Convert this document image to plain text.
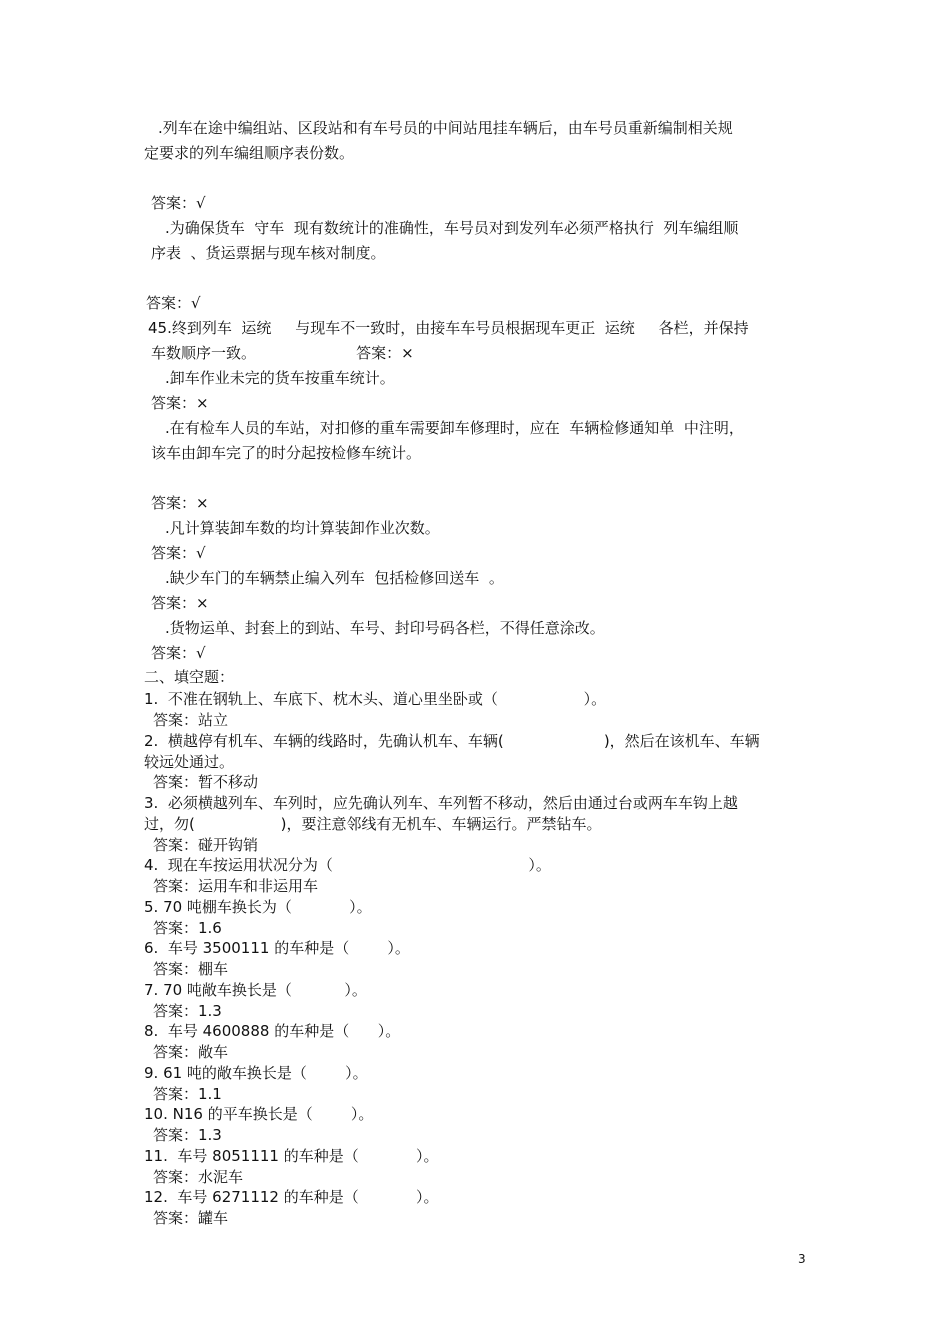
.列车在途中编组站、区段站和有车号员的中间站甩挂车辆后，由车号员重新编制相关规
定要求的列车编组顺序表份数。
答案：√
.为确保货车  守车  现有数统计的准确性，车号员对到发列车必须严格执行  列车编组顺
序表  、货运票据与现车核对制度。
答案：√
45.终到列车  运统     与现车不一致时，由接车车号员根据现车更正  运统     各栏，并保持
车数顺序一致。                     答案：×
.卸车作业未完的货车按重车统计。
答案：×
.在有检车人员的车站，对扣修的重车需要卸车修理时，应在  车辆检修通知单  中注明，
该车由卸车完了的时分起按检修车统计。
答案：×
.凡计算装卸车数的均计算装卸作业次数。
答案：√
.缺少车门的车辆禁止编入列车  包括检修回送车  。
答案：×
.货物运单、封套上的到站、车号、封印号码各栏，不得任意涂改。
答案：√
二、填空题：
1.  不准在钢轨上、车底下、枕木头、道心里坐卧或（                  ）。
答案：站立
2.  横越停有机车、车辆的线路时，先确认机车、车辆(                     )，然后在该机车、车辆
较远处通过。
答案：暂不移动
3.  必须横越列车、车列时，应先确认列车、车列暂不移动，然后由通过台或两车车钩上越
过，勿(                  )，要注意邻线有无机车、车辆运行。严禁钻车。
答案：碰开钩销
4.  现在车按运用状况分为（                                         ）。
答案：运用车和非运用车
5. 70 吨棚车换长为（            ）。
答案：1.6
6.  车号 3500111 的车种是（        ）。
答案：棚车
7. 70 吨敞车换长是（           ）。
答案：1.3
8.  车号 4600888 的车种是（      ）。
答案：敞车
9. 61 吨的敞车换长是（        ）。
答案：1.1
10. N16 的平车换长是（        ）。
答案：1.3
11.  车号 8051111 的车种是（            ）。
答案：水泥车
12.  车号 6271112 的车种是（            ）。
答案：罐车
3
